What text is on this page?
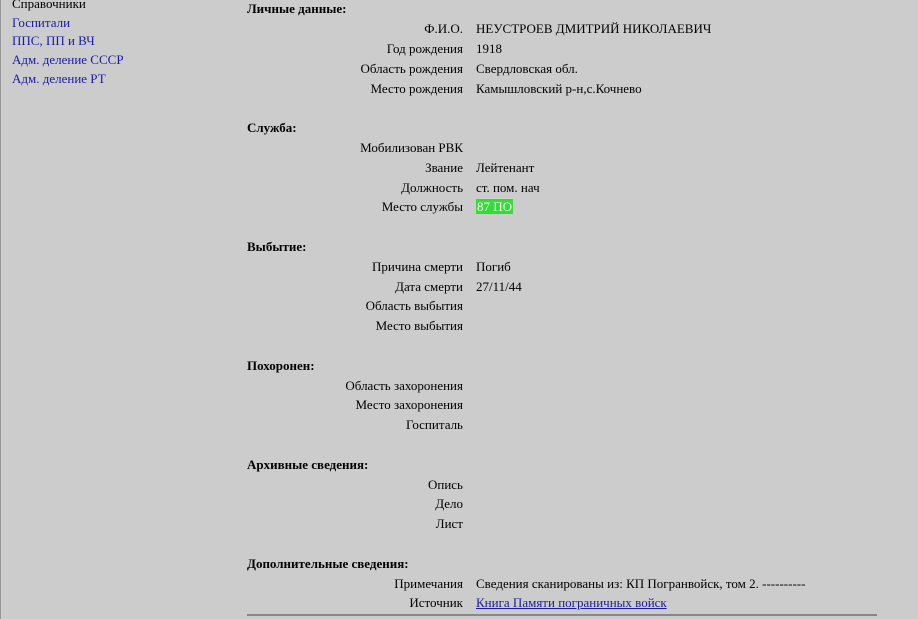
Справочники
Госпитали
ППС, ПП и ВЧ
Адм. деление СССР
Адм. деление РТ
Личные данные:
Ф.И.О. НЕУСТРОЕВ ДМИТРИЙ НИКОЛАЕВИЧ
Год рождения 1918
Область рождения Свердловская обл.
Место рождения Камышловский р-н,с.Кочнево
Служба:
Мобилизован РВК
Звание Лейтенант
Должность ст. пом. нач
Место службы 87 ПО
Выбытие:
Причина смерти Погиб
Дата смерти 27/11/44
Область выбытия
Место выбытия
Похоронен:
Область захоронения
Место захоронения
Госпиталь
Архивные сведения:
Опись
Дело
Лист
Дополнительные сведения:
Примечания Сведения сканированы из: КП Погранвойск, том 2. ----------
Источник Книга Памяти пограничных войск
